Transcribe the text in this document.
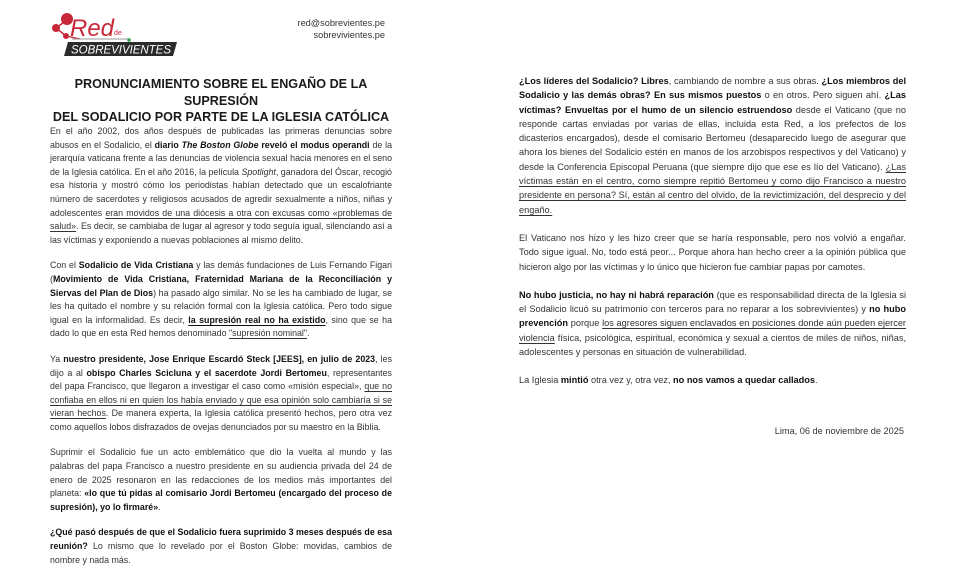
Red de
SOBREVIVIENTES
red@sobrevientes.pe
sobrevivientes.pe
PRONUNCIAMIENTO SOBRE EL ENGAÑO DE LA SUPRESIÓN
DEL SODALICIO POR PARTE DE LA IGLESIA CATÓLICA

En el año 2002, dos años después de publicadas las primeras denuncias sobre abusos en el Sodalicio, el diario The Boston Globe reveló el modus operandi de la jerarquía vaticana frente a las denuncias de violencia sexual hacia menores en el seno de la Iglesia católica. En el año 2016, la película Spotlight, ganadora del Óscar, recogió esa historia y mostró cómo los periodistas habían detectado que un escalofriante número de sacerdotes y religiosos acusados de agredir sexualmente a niños, niñas y adolescentes eran movidos de una diócesis a otra con excusas como «problemas de salud». Es decir, se cambiaba de lugar al agresor y todo seguía igual, silenciando así a las víctimas y exponiendo a nuevas poblaciones al mismo delito.

Con el Sodalicio de Vida Cristiana y las demás fundaciones de Luis Fernando Figari (Movimiento de Vida Cristiana, Fraternidad Mariana de la Reconciliación y Siervas del Plan de Dios) ha pasado algo similar. No se les ha cambiado de lugar, se les ha quitado el nombre y su relación formal con la Iglesia católica. Pero todo sigue igual en la informalidad. Es decir, la supresión real no ha existido, sino que se ha dado lo que en esta Red hemos denominado "supresión nominal".

Ya nuestro presidente, Jose Enrique Escardó Steck [JEES], en julio de 2023, les dijo a al obispo Charles Scicluna y el sacerdote Jordi Bertomeu, representantes del papa Francisco, que llegaron a investigar el caso como «misión especial», que no confiaba en ellos ni en quien los había enviado y que esa opinión solo cambiaría si se vieran hechos. De manera experta, la Iglesia católica presentó hechos, pero otra vez como aquellos lobos disfrazados de ovejas denunciados por su maestro en la Biblia.

Suprimir el Sodalicio fue un acto emblemático que dio la vuelta al mundo y las palabras del papa Francisco a nuestro presidente en su audiencia privada del 24 de enero de 2025 resonaron en las redacciones de los medios más importantes del planeta: «lo que tú pidas al comisario Jordi Bertomeu (encargado del proceso de supresión), yo lo firmaré».

¿Qué pasó después de que el Sodalicio fuera suprimido 3 meses después de esa reunión? Lo mismo que lo revelado por el Boston Globe: movidas, cambios de nombre y nada más.

¿Los líderes del Sodalicio? Libres, cambiando de nombre a sus obras. ¿Los miembros del Sodalicio y las demás obras? En sus mismos puestos o en otros. Pero siguen ahí. ¿Las víctimas? Envueltas por el humo de un silencio estruendoso desde el Vaticano (que no responde cartas enviadas por varias de ellas, incluida esta Red, a los prefectos de los dicasterios encargados), desde el comisario Bertomeu (desaparecido luego de asegurar que ahora los bienes del Sodalicio estén en manos de los arzobispos respectivos y del Vaticano) y desde la Conferencia Episcopal Peruana (que siempre dijo que ese es lío del Vaticano). ¿Las víctimas están en el centro, como siempre repitió Bertomeu y como dijo Francisco a nuestro presidente en persona? Sí, están al centro del olvido, de la revictimización, del desprecio y del engaño.

El Vaticano nos hizo y les hizo creer que se haría responsable, pero nos volvió a engañar. Todo sigue igual. No, todo está peor... Porque ahora han hecho creer a la opinión pública que hicieron algo por las víctimas y lo único que hicieron fue cambiar papas por camotes.

No hubo justicia, no hay ni habrá reparación (que es responsabilidad directa de la Iglesia si el Sodalicio licuó su patrimonio con terceros para no reparar a los sobrevivientes) y no hubo prevención porque los agresores siguen enclavados en posiciones donde aún pueden ejercer violencia física, psicológica, espiritual, económica y sexual a cientos de miles de niños, niñas, adolescentes y personas en situación de vulnerabilidad.

La Iglesia mintió otra vez y, otra vez, no nos vamos a quedar callados.

Lima, 06 de noviembre de 2025
